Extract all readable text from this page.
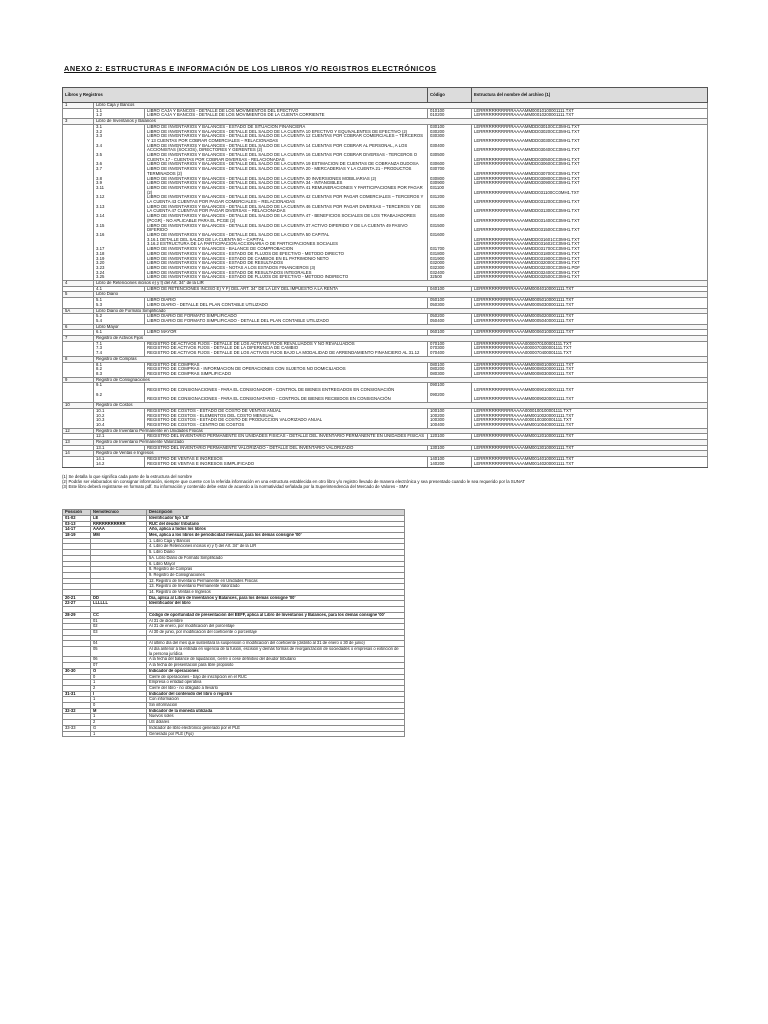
ANEXO 2: ESTRUCTURAS E INFORMACIÓN DE LOS LIBROS Y/O REGISTROS ELECTRÓNICOS
Libros y Registros			Código	Estructura del nombre del archivo (1)
1	Libro Caja y Bancos			
	1.1	LIBRO CAJA Y BANCOS - DETALLE DE LOS MOVIMIENTOS DEL EFECTIVO	010100	LERRRRRRRRRRRAAAAMM00010100001111.TXT
	1.2	LIBRO CAJA Y BANCOS - DETALLE DE LOS MOVIMIENTOS DE LA CUENTA CORRIENTE	010200	LERRRRRRRRRRRAAAAMM00010200001111.TXT
3	Libro de Inventarios y Balances			
	3.1	LIBRO DE INVENTARIOS Y BALANCES - ESTADO DE SITUACION FINANCIERA	030100	LERRRRRRRRRRRAAAAMMDD030100CC0MH1.TXT
	3.2	LIBRO DE INVENTARIOS Y BALANCES - DETALLE DEL SALDO DE LA CUENTA 10 EFECTIVO Y EQUIVALENTES DE EFECTIVO (2)	030200	LERRRRRRRRRRRAAAAMMDD030200CC0MH1.TXT
	3.3	LIBRO DE INVENTARIOS Y BALANCES - DETALLE DEL SALDO DE LA CUENTA 12 CUENTAS POR COBRAR COMERCIALES – TERCEROS Y 13 CUENTAS POR COBRAR COMERCIALES – RELACIONADAS	030300	LERRRRRRRRRRRAAAAMMDD030300CC0MH1.TXT
	3.4	LIBRO DE INVENTARIOS Y BALANCES - DETALLE DEL SALDO DE LA CUENTA 14 CUENTAS POR COBRAR AL PERSONAL, A LOS ACCIONISTAS (SOCIOS), DIRECTORES Y GERENTES (2)	030400	LERRRRRRRRRRRAAAAMMDD030400CC0MH1.TXT
	3.5	LIBRO DE INVENTARIOS Y BALANCES - DETALLE DEL SALDO DE LA CUENTA 16 CUENTAS POR COBRAR DIVERSAS - TERCEROS O CUENTA 17 - CUENTAS POR COBRAR DIVERSAS - RELACIONADAS	030500	LERRRRRRRRRRRAAAAMMDD030500CC0MH1.TXT
	3.6	LIBRO DE INVENTARIOS Y BALANCES - DETALLE DEL SALDO DE LA CUENTA 19 ESTIMACIÓN DE CUENTAS DE COBRANZA DUDOSA	030600	LERRRRRRRRRRRAAAAMMDD030600CC0MH1.TXT
	3.7	LIBRO DE INVENTARIOS Y BALANCES - DETALLE DEL SALDO DE LA CUENTA 20 - MERCADERIAS Y LA CUENTA 21 - PRODUCTOS TERMINADOS (2)	030700	LERRRRRRRRRRRAAAAMMDD030700CC0MH1.TXT
	3.8	LIBRO DE INVENTARIOS Y BALANCES - DETALLE DEL SALDO DE LA CUENTA 30 INVERSIONES MOBILIARIAS (2)	030800	LERRRRRRRRRRRAAAAMMDD030800CC0MH1.TXT
	3.9	LIBRO DE INVENTARIOS Y BALANCES - DETALLE DEL SALDO DE LA CUENTA 34 - INTANGIBLES	030900	LERRRRRRRRRRRAAAAMMDD030900CC0MH1.TXT
	3.11	LIBRO DE INVENTARIOS Y BALANCES - DETALLE DEL SALDO DE LA CUENTA 41 REMUNERACIONES Y PARTICIPACIONES POR PAGAR (2)	031100	LERRRRRRRRRRRAAAAMMDD031100CC0MH1.TXT
	3.12	LIBRO DE INVENTARIOS Y BALANCES - DETALLE DEL SALDO DE LA CUENTA 42 CUENTAS POR PAGAR COMERCIALES – TERCEROS Y LA CUENTA 43 CUENTAS POR PAGAR COMERCIALES – RELACIONADAS	031200	LERRRRRRRRRRRAAAAMMDD031200CC0MH1.TXT
	3.13	LIBRO DE INVENTARIOS Y BALANCES - DETALLE DEL SALDO DE LA CUENTA 46 CUENTAS POR PAGAR DIVERSAS – TERCEROS Y DE LA CUENTA 47 CUENTAS POR PAGAR DIVERSAS – RELACIONADAS	031300	LERRRRRRRRRRRAAAAMMDD031300CC0MH1.TXT
	3.14	LIBRO DE INVENTARIOS Y BALANCES - DETALLE DEL SALDO DE LA CUENTA 47 - BENEFICIOS SOCIALES DE LOS TRABAJADORES (PCGR) - NO APLICABLE PARA EL PCGE (2)	031400	LERRRRRRRRRRRAAAAMMDD031400CC0MH1.TXT
	3.15	LIBRO DE INVENTARIOS Y BALANCES - DETALLE DEL SALDO DE LA CUENTA 37 ACTIVO DIFERIDO Y DE LA CUENTA 49 PASIVO DIFERIDO	031500	LERRRRRRRRRRRAAAAMMDD031500CC0MH1.TXT
	3.16	LIBRO DE INVENTARIOS Y BALANCES - DETALLE DEL SALDO DE LA CUENTA 50 CAPITAL	031600	
		3.16.1 DETALLE DEL SALDO DE LA CUENTA 50 – CAPITAL		LERRRRRRRRRRRAAAAMMDD031601CC0MH1.TXT
		3.16.2 ESTRUCTURA DE LA PARTICIPACIÓN ACCIONARIA O DE PARTICIPACIONES SOCIALES		LERRRRRRRRRRRAAAAMMDD031602CC0MH1.TXT
	3.17	LIBRO DE INVENTARIOS Y BALANCES - BALANCE DE COMPROBACIÓN	031700	LERRRRRRRRRRRAAAAMMDD031700CC0MH1.TXT
	3.18	LIBRO DE INVENTARIOS Y BALANCES - ESTADO DE FLUJOS DE EFECTIVO - MÉTODO DIRECTO	031800	LERRRRRRRRRRRAAAAMMDD031800CC0MH1.TXT
	3.19	LIBRO DE INVENTARIOS Y BALANCES - ESTADO DE CAMBIOS EN EL PATRIMONIO NETO	031900	LERRRRRRRRRRRAAAAMMDD031900CC0MH1.TXT
	3.20	LIBRO DE INVENTARIOS Y BALANCES - ESTADO DE RESULTADOS	032000	LERRRRRRRRRRRAAAAMMDD032000CC0MH1.TXT
	3.23	LIBRO DE INVENTARIOS Y BALANCES - NOTAS A LOS ESTADOS FINANCIEROS (3)	032300	LERRRRRRRRRRRAAAAMMDD032300CC0MH1.PDF
	3.24	LIBRO DE INVENTARIOS Y BALANCES - ESTADO DE RESULTADOS INTEGRALES	032400	LERRRRRRRRRRRAAAAMMDD032400CC0MH1.TXT
	3.25	LIBRO DE INVENTARIOS Y BALANCES - ESTADO DE FLUJOS DE EFECTIVO - MÉTODO INDIRECTO	32500	LERRRRRRRRRRRAAAAMMDD032500CC0MH1.TXT
4	Libro de Retenciones incisos e) y f) del Art. 34° de la LIR			
	4.1	LIBRO DE RETENCIONES INCISO E) Y F) DEL ART. 34° DE LA LEY DEL IMPUESTO A LA RENTA	040100	LERRRRRRRRRRRAAAAMM00040100001111.TXT
5	Libro Diario			
	5.1	LIBRO DIARIO	050100	LERRRRRRRRRRRAAAAMM00050100001111.TXT
	5.3	LIBRO DIARIO - DETALLE DEL PLAN CONTABLE UTILIZADO	050300	LERRRRRRRRRRRAAAAMM00050300001111.TXT
5A	Libro Diario de Formato Simplificado			
	5.2	LIBRO DIARIO DE FORMATO SIMPLIFICADO	050200	LERRRRRRRRRRRAAAAMM00050200001111.TXT
	5.4	LIBRO DIARIO DE FORMATO SIMPLIFICADO - DETALLE DEL PLAN CONTABLE UTILIZADO	050400	LERRRRRRRRRRRAAAAMM00050400001111.TXT
6	Libro Mayor			
	6.1	LIBRO MAYOR	060100	LERRRRRRRRRRRAAAAMM00060100001111.TXT
7	Registro de Activos Fijos			
	7.1	REGISTRO DE ACTIVOS FIJOS - DETALLE DE LOS ACTIVOS FIJOS REVALUADOS Y NO REVALUADOS	070100	LERRRRRRRRRRRAAAA0000070100001111.TXT
	7.3	REGISTRO DE ACTIVOS FIJOS - DETALLE DE LA DIFERENCIA DE CAMBIO	070300	LERRRRRRRRRRRAAAA0000070300001111.TXT
	7.4	REGISTRO DE ACTIVOS FIJOS - DETALLE DE LOS ACTIVOS FIJOS BAJO LA MODALIDAD DE ARRENDAMIENTO FINANCIERO AL 31.12	070400	LERRRRRRRRRRRAAAA0000070400001111.TXT
8	Registro de Compras			
	8.1	REGISTRO DE COMPRAS	080100	LERRRRRRRRRRRAAAAMM00080100001111.TXT
	8.2	REGISTRO DE COMPRAS - INFORMACIÓN DE OPERACIONES CON SUJETOS NO DOMICILIADOS	080200	LERRRRRRRRRRRAAAAMM00080200001111.TXT
	8.3	REGISTRO DE COMPRAS SIMPLIFICADO	080300	LERRRRRRRRRRRAAAAMM00080300001111.TXT
9	Registro de Consignaciones			
	9.1	REGISTRO DE CONSIGNACIONES - PARA EL CONSIGNADOR - CONTROL DE BIENES ENTREGADOS EN CONSIGNACIÓN	090100	LERRRRRRRRRRRAAAAMM00090100001111.TXT
	9.2	REGISTRO DE CONSIGNACIONES - PARA EL CONSIGNATARIO - CONTROL DE BIENES RECIBIDOS EN CONSIGNACIÓN	090200	LERRRRRRRRRRRAAAAMM00090200001111.TXT
10	Registro de Costos			
	10.1	REGISTRO DE COSTOS - ESTADO DE COSTO DE VENTAS ANUAL	100100	LERRRRRRRRRRRAAAA0000100100001111.TXT
	10.2	REGISTRO DE COSTOS - ELEMENTOS DEL COSTO MENSUAL	100200	LERRRRRRRRRRRAAAAMM00100200001111.TXT
	10.3	REGISTRO DE COSTOS - ESTADO DE COSTO DE PRODUCCION VALORIZADO ANUAL	100300	LERRRRRRRRRRRAAAA0000100300001111.TXT
	10.4	REGISTRO DE COSTOS - CENTRO DE COSTOS	100400	LERRRRRRRRRRRAAAAMM00100400001111.TXT
12	Registro de Inventario Permanente en Unidades Físicas			
	12.1	REGISTRO DEL INVENTARIO PERMANENTE EN UNIDADES FÍSICAS - DETALLE DEL INVENTARIO PERMANENTE EN UNIDADES FÍSICAS	120100	LERRRRRRRRRRRAAAAMM00120100001111.TXT
13	Registro de Inventario Permanente Valorizado			
	13.1	REGISTRO DEL INVENTARIO PERMANENTE VALORIZADO - DETALLE DEL INVENTARIO VALORIZADO	130100	LERRRRRRRRRRRAAAAMM00130100001111.TXT
14	Registro de Ventas e Ingresos			
	14.1	REGISTRO DE VENTAS E INGRESOS	140100	LERRRRRRRRRRRAAAAMM00140100001111.TXT
	14.2	REGISTRO DE VENTAS E INGRESOS SIMPLIFICADO	140200	LERRRRRRRRRRRAAAAMM00140200001111.TXT
(1) Se detalla lo que significa cada parte de la estructura del nombre
(2) Podrán ser elaborados sin consignar información, siempre que cuente con la referida información en una estructura establecida en otro libro y/o registro llevado de manera electrónica y sea presentado cuando le sea requerido por la SUNAT
(3) Este libro deberá registrarse en formato pdf. Su información y contenido debe estar de acuerdo a la normatividad señalada por la Superintendencia del Mercado de Valores - SMV
Posición	Nemotécnico	Descripción
01-02	LE	Identificador fijo 'LE'
03-13	RRRRRRRRRRR	RUC del deudor tributario
14-17	AAAA	Año, aplica a todos los libros
18-19	MM	Mes, aplica a los libros de periodicidad mensual, para los demás consigne '00'
		1. Libro Caja y Bancos
		4. Libro de Retenciones incisos e) y f) del Art. 34° de la LIR
		5. Libro Diario
		5A. Libro Diario de Formato Simplificado
		6. Libro Mayor
		8. Registro de Compras
		9. Registro de Consignaciones
		12. Registro de Inventario Permanente en Unidades Físicas
		13. Registro de Inventario Permanente Valorizado
		14. Registro de Ventas e Ingresos
20-21	DD	Día, aplica al Libro de Inventarios y Balances, para los demás consigne '00'
22-27	LLLLLL	Identificador del libro

28-29	CC	Código de oportunidad de presentación del EEFF, aplica al Libro de Inventarios y Balances, para los demás consigne '00'
	01	Al 31 de diciembre
	02	Al 31 de enero, por modificación del porcentaje
	03	Al 30 de junio, por modificación del coeficiente o porcentaje

	04	Al último día del mes que sustentará la suspensión o modificación del coeficiente (distinto al 31 de enero o 30 de junio)
	05	Al día anterior a la entrada en vigencia de la fusión, escisión y demás formas de reorganización de sociedades o empresas o extinción de la persona jurídica
	06	A la fecha del balance de liquidación, cierre o cese definitivo del deudor tributario
	07	A la fecha de presentación para libre propósito
30-30	O	Indicador de operaciones
	0	Cierre de operaciones - bajo de inscripción en el RUC
	1	Empresa o entidad operativa
	2	Cierre del libro - no obligado a llevarlo
31-31	I	Indicador del contenido del libro o registro
	1	Con información
	0	Sin información
32-32	M	Indicador de la moneda utilizada
	1	Nuevos soles
	2	US dólares
33-33	G	Indicador de libro electrónico generado por el PLE
	1	Generado por PLE (Fijo)
